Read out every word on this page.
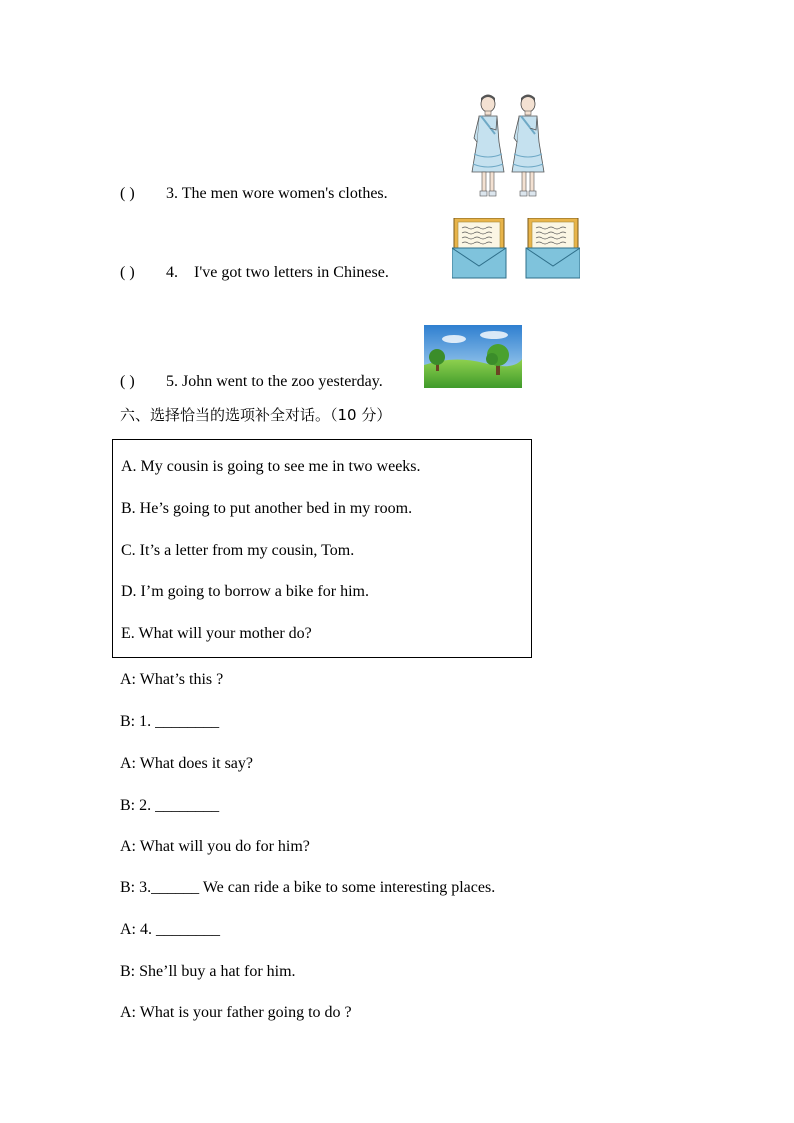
( ) 3. The men wore women's clothes.
( ) 4.    I've got two letters in Chinese.
( ) 5. John went to the zoo yesterday.
六、选择恰当的选项补全对话。（10 分）
A. My cousin is going to see me in two weeks.
B. He’s going to put another bed in my room.
C. It’s a letter from my cousin, Tom.
D. I’m going to borrow a bike for him.
E. What will your mother do?
A: What’s this ?
B: 1. ________
A: What does it say?
B: 2. ________
A: What will you do for him?
B: 3.______ We can ride a bike to some interesting places.
A: 4. ________
B: She’ll buy a hat for him.
A: What is your father going to do ?
